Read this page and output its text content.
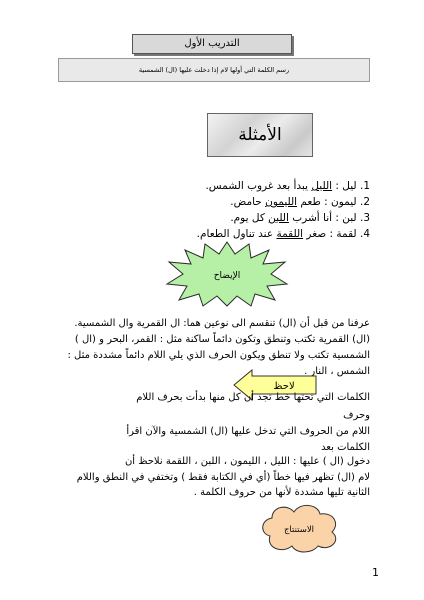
التدريب الأول
رسم الكلمة التي أولها لام إذا دخلت عليها (ال) الشمسية
الأمثلة
1. ليل : الليل يبدأ بعد غروب الشمس.
2. ليمون : طعم الليمون حامض.
3. لبن : أنا أشرب اللبن كل يوم.
4. لقمة : صغر اللقمة عند تناول الطعام.
الإيضاح
عرفنا من قبل أن (ال) تنقسم الى نوعين هما: ال القمرية وال الشمسية.
(ال) القمرية تكتب وتنطق وتكون دائماً ساكنة مثل : القمر، البحر و (ال )
الشمسية تكتب ولا تنطق ويكون الحرف الذي يلي اللام دائماً مشددة مثل :
الشمس ، النار .
لاحظ
الكلمات التي تحتها خط تجد أن كل منها بدأت بحرف اللام
وحرف
اللام من الحروف التي تدخل عليها (ال) الشمسية والآن اقرأ
الكلمات بعد
دخول (ال ) عليها : الليل ، الليمون ، اللبن ، اللقمة نلاحظ أن
لام (ال) تظهر فيها خطاً (أي في الكتابة فقط ) وتختفي في النطق واللام
الثانية تليها مشددة لأنها من حروف الكلمة .
الاستنتاج
1
